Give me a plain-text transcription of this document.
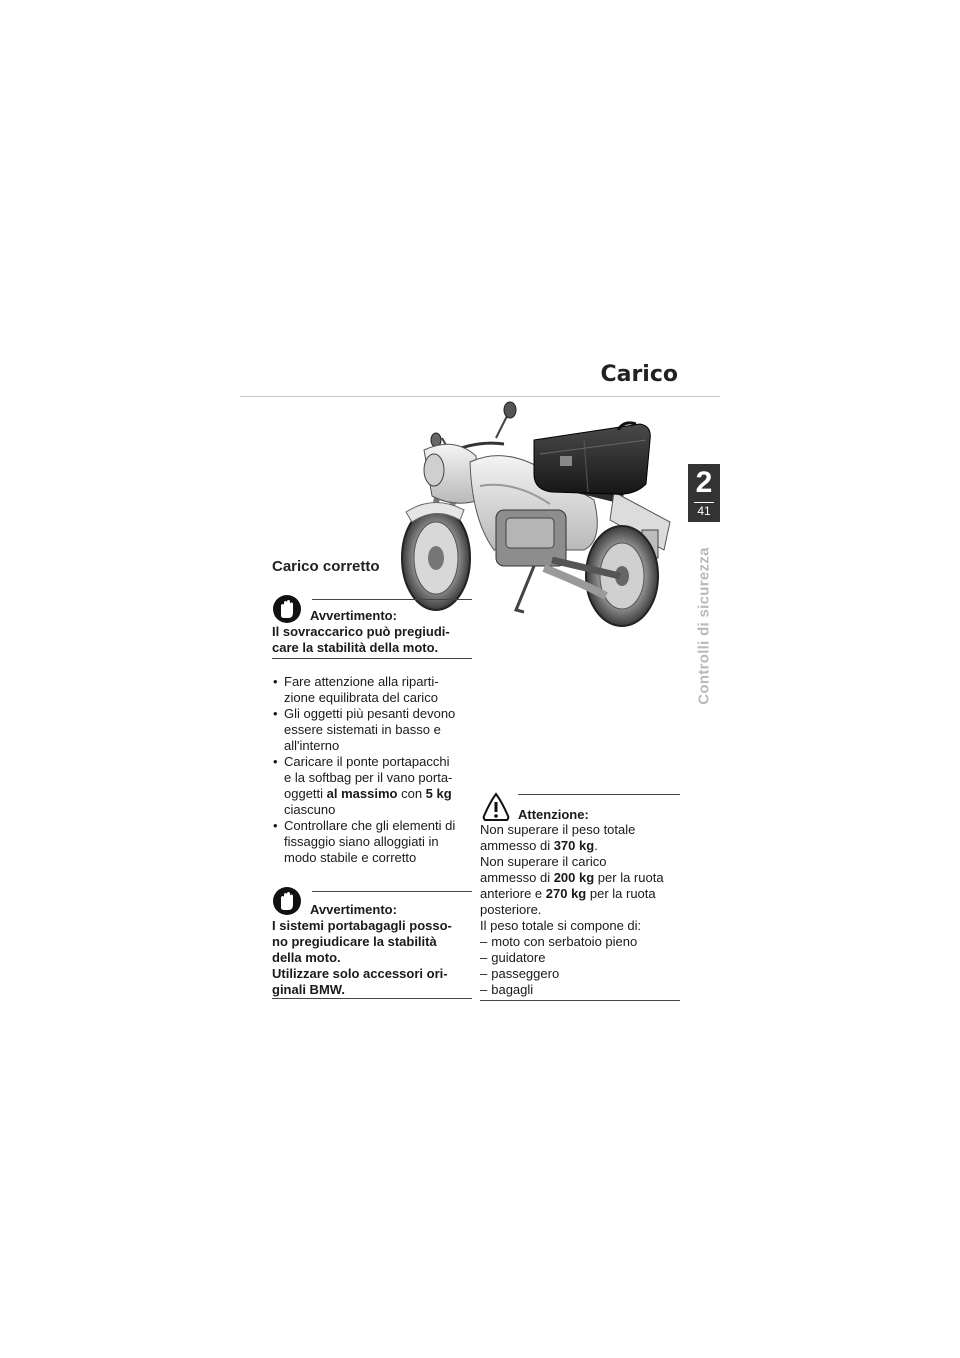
Carico
2
41
Controlli di sicurezza
Carico corretto
Avvertimento:
Il sovraccarico può pregiudi-
care la stabilità della moto.
• Fare attenzione alla riparti-
zione equilibrata del carico
• Gli oggetti più pesanti devono
essere sistemati in basso e
all'interno
• Caricare il ponte portapacchi
e la softbag per il vano porta-
oggetti al massimo con 5 kg
ciascuno
• Controllare che gli elementi di
fissaggio siano alloggiati in
modo stabile e corretto
Avvertimento:
I sistemi portabagagli posso-
no pregiudicare la stabilità
della moto.
Utilizzare solo accessori ori-
ginali BMW.
Attenzione:
Non superare il peso totale
ammesso di 370 kg.
Non superare il carico
ammesso di 200 kg per la ruota
anteriore e 270 kg per la ruota
posteriore.
Il peso totale si compone di:
– moto con serbatoio pieno
– guidatore
– passeggero
– bagagli
